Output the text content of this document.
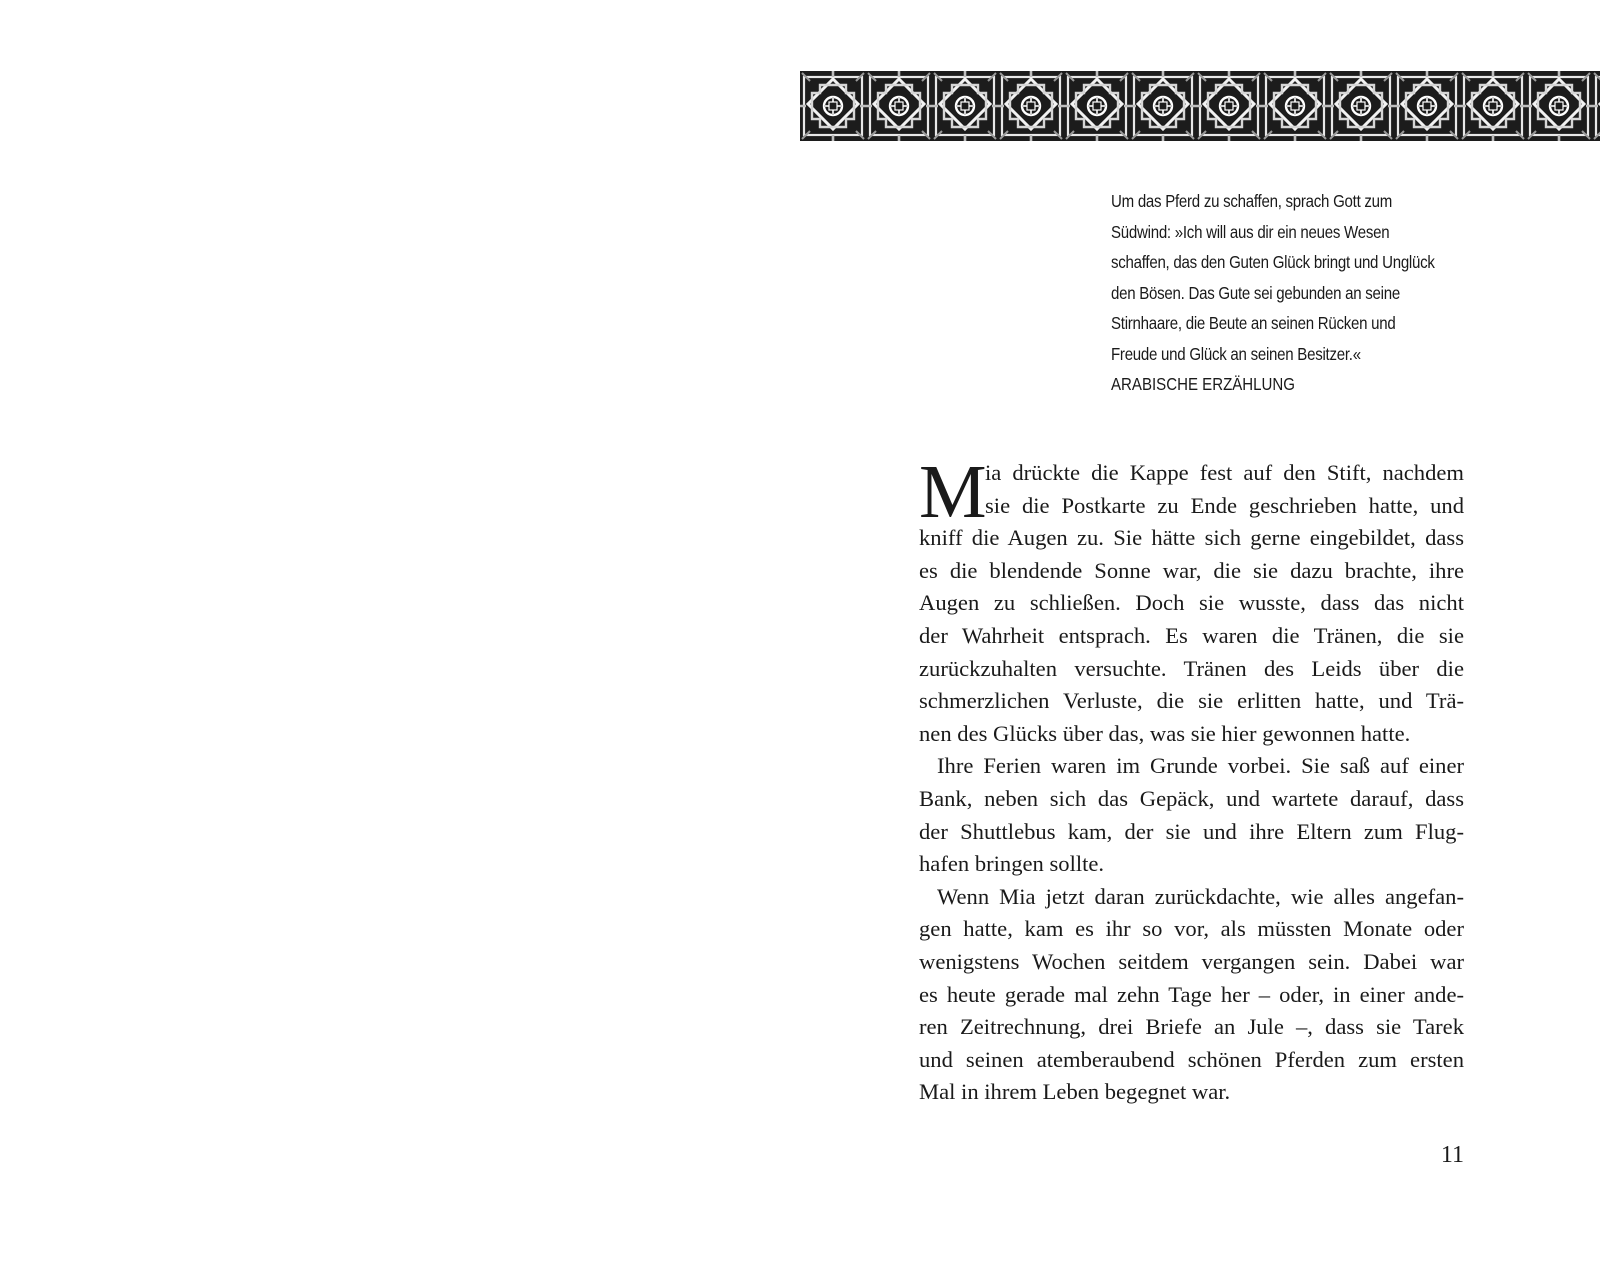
Um das Pferd zu schaffen, sprach Gott zum
Südwind: »Ich will aus dir ein neues Wesen
schaffen, das den Guten Glück bringt und Unglück
den Bösen. Das Gute sei gebunden an seine
Stirnhaare, die Beute an seinen Rücken und
Freude und Glück an seinen Besitzer.«
ARABISCHE ERZÄHLUNG
M
ia drückte die Kappe fest auf den Stift, nachdem
sie die Postkarte zu Ende geschrieben hatte, und
kniff die Augen zu. Sie hätte sich gerne eingebildet, dass
es die blendende Sonne war, die sie dazu brachte, ihre
Augen zu schließen. Doch sie wusste, dass das nicht
der Wahrheit entsprach. Es waren die Tränen, die sie
zurückzuhalten versuchte. Tränen des Leids über die
schmerzlichen Verluste, die sie erlitten hatte, und Trä-
nen des Glücks über das, was sie hier gewonnen hatte.
Ihre Ferien waren im Grunde vorbei. Sie saß auf einer
Bank, neben sich das Gepäck, und wartete darauf, dass
der Shuttlebus kam, der sie und ihre Eltern zum Flug-
hafen bringen sollte.
Wenn Mia jetzt daran zurückdachte, wie alles angefan-
gen hatte, kam es ihr so vor, als müssten Monate oder
wenigstens Wochen seitdem vergangen sein. Dabei war
es heute gerade mal zehn Tage her – oder, in einer ande-
ren Zeitrechnung, drei Briefe an Jule –, dass sie Tarek
und seinen atemberaubend schönen Pferden zum ersten
Mal in ihrem Leben begegnet war.
11
